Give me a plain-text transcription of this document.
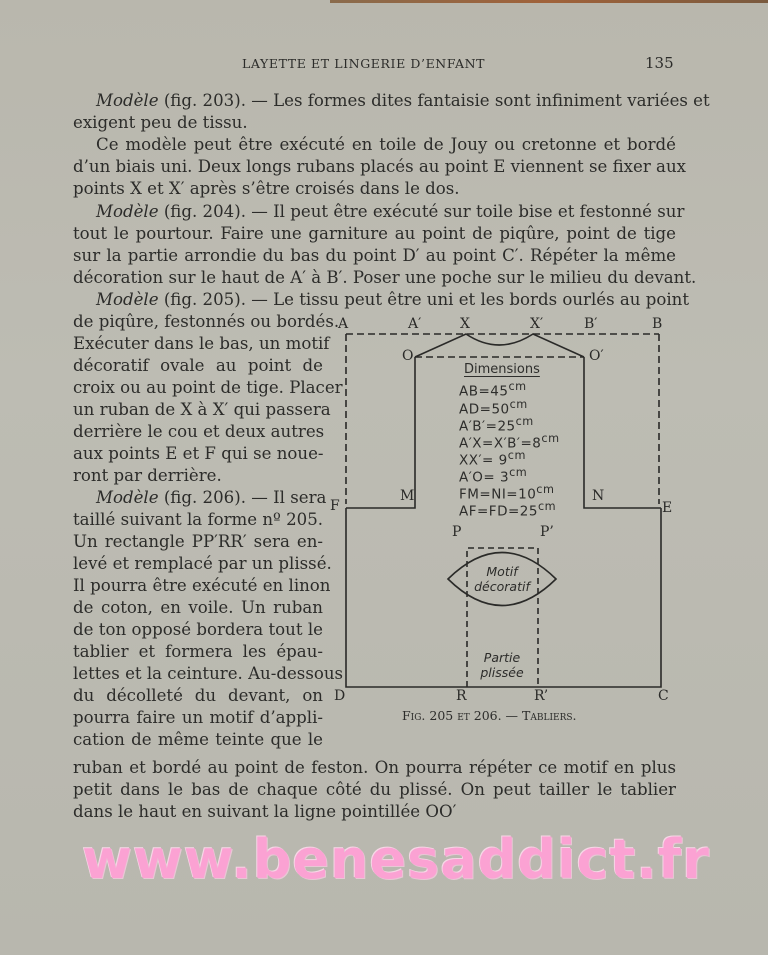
LAYETTE ET LINGERIE D’ENFANT	135
Modèle (fig. 203). — Les formes dites fantaisie sont infiniment variées et
exigent peu de tissu.
Ce modèle peut être exécuté en toile de Jouy ou cretonne et bordé
d’un biais uni. Deux longs rubans placés au point E viennent se fixer aux
points X et X′ après s’être croisés dans le dos.
Modèle (fig. 204). — Il peut être exécuté sur toile bise et festonné sur
tout le pourtour. Faire une garniture au point de piqûre, point de tige
sur la partie arrondie du bas du point D′ au point C′. Répéter la même
décoration sur le haut de A′ à B′. Poser une poche sur le milieu du devant.
Modèle (fig. 205). — Le tissu peut être uni et les bords ourlés au point
de piqûre, festonnés ou bordés.
Exécuter dans le bas, un motif
décoratif ovale au point de
croix ou au point de tige. Placer
un ruban de X à X′ qui passera
derrière le cou et deux autres
aux points E et F qui se noue-
ront par derrière.
Modèle (fig. 206). — Il sera
taillé suivant la forme nº 205.
Un rectangle PP′RR′ sera en-
levé et remplacé par un plissé.
Il pourra être exécuté en linon
de coton, en voile. Un ruban
de ton opposé bordera tout le
tablier et formera les épau-
lettes et la ceinture. Au-dessous
du décolleté du devant, on
pourra faire un motif d’appli-
cation de même teinte que le
ruban et bordé au point de feston. On pourra répéter ce motif en plus
petit dans le bas de chaque côté du plissé. On peut tailler le tablier
dans le haut en suivant la ligne pointillée OO′
A	A′	X	X′	B′	B
O	O′
M	N
F	E
P	P’
D	R	R’	C
Dimensions
$AB=45^{cm}$
$AD=50^{cm}$
$A'B'=25^{cm}$
$A'X=X'B'=8^{cm}$
$XX'= 9^{cm}$
$A'O= 3^{cm}$
$FM=NI=10^{cm}$
$AF=FD=25^{cm}$
Motif
décoratif
Partie
plissée
Fig. 205 et 206. — Tabliers.
www.benesaddict.fr
